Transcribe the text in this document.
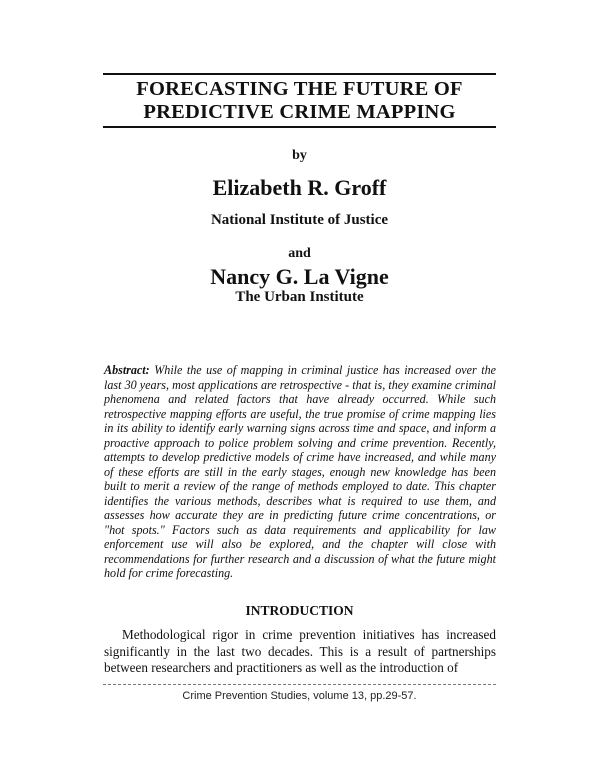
FORECASTING THE FUTURE OF
PREDICTIVE CRIME MAPPING
by
Elizabeth R. Groff
National Institute of Justice
and
Nancy G. La Vigne
The Urban Institute
Abstract: While the use of mapping in criminal justice has increased over the last 30 years, most applications are retrospective - that is, they examine criminal phenomena and related factors that have already occurred. While such retrospective mapping efforts are useful, the true promise of crime mapping lies in its ability to identify early warning signs across time and space, and inform a proactive approach to police problem solving and crime prevention. Recently, attempts to develop predictive models of crime have increased, and while many of these efforts are still in the early stages, enough new knowledge has been built to merit a review of the range of methods employed to date. This chapter identifies the various methods, describes what is required to use them, and assesses how accurate they are in predicting future crime concentrations, or "hot spots." Factors such as data requirements and applicability for law enforcement use will also be explored, and the chapter will close with recommendations for further research and a discussion of what the future might hold for crime forecasting.
INTRODUCTION
Methodological rigor in crime prevention initiatives has increased significantly in the last two decades. This is a result of partnerships between researchers and practitioners as well as the introduction of
Crime Prevention Studies, volume 13, pp.29-57.
